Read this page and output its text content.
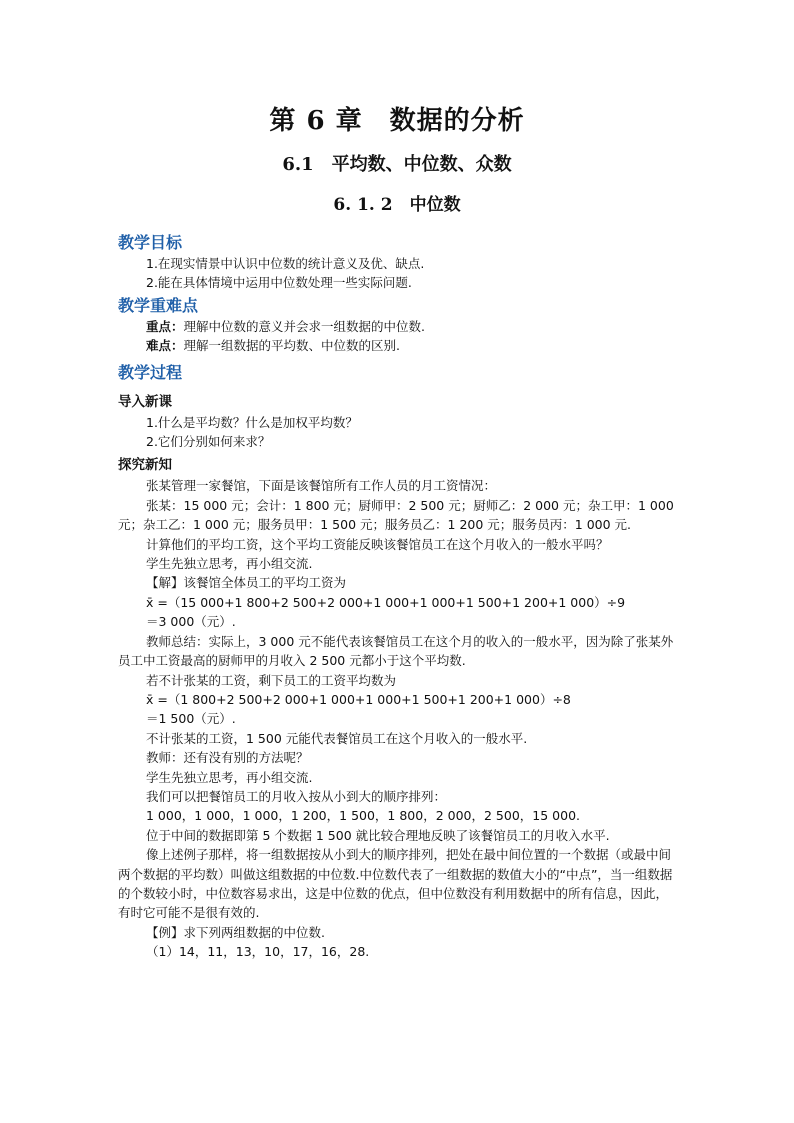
第 6 章　数据的分析
6.1　平均数、中位数、众数
6. 1. 2　中位数
教学目标

1.在现实情景中认识中位数的统计意义及优、缺点.

2.能在具体情境中运用中位数处理一些实际问题.

教学重难点

重点：理解中位数的意义并会求一组数据的中位数.

难点：理解一组数据的平均数、中位数的区别.

教学过程
导入新课

1.什么是平均数？什么是加权平均数？

2.它们分别如何来求？

探究新知

张某管理一家餐馆，下面是该餐馆所有工作人员的月工资情况：

张某：15 000 元；会计：1 800 元；厨师甲：2 500 元；厨师乙：2 000 元；杂工甲：1 000 元；杂工乙：1 000 元；服务员甲：1 500 元；服务员乙：1 200 元；服务员丙：1 000 元.

计算他们的平均工资，这个平均工资能反映该餐馆员工在这个月收入的一般水平吗？

学生先独立思考，再小组交流.

【解】该餐馆全体员工的平均工资为

x̄ =（15 000+1 800+2 500+2 000+1 000+1 000+1 500+1 200+1 000）÷9

＝3 000（元）.

教师总结：实际上，3 000 元不能代表该餐馆员工在这个月的收入的一般水平，因为除了张某外员工中工资最高的厨师甲的月收入 2 500 元都小于这个平均数.

若不计张某的工资，剩下员工的工资平均数为

x̄ =（1 800+2 500+2 000+1 000+1 000+1 500+1 200+1 000）÷8

＝1 500（元）.

不计张某的工资，1 500 元能代表餐馆员工在这个月收入的一般水平.

教师：还有没有别的方法呢？

学生先独立思考，再小组交流.

我们可以把餐馆员工的月收入按从小到大的顺序排列：

1 000，1 000，1 000，1 200，1 500，1 800，2 000，2 500，15 000.

位于中间的数据即第 5 个数据 1 500 就比较合理地反映了该餐馆员工的月收入水平.

像上述例子那样，将一组数据按从小到大的顺序排列，把处在最中间位置的一个数据（或最中间两个数据的平均数）叫做这组数据的中位数.中位数代表了一组数据的数值大小的“中点”，当一组数据的个数较小时，中位数容易求出，这是中位数的优点，但中位数没有利用数据中的所有信息，因此，有时它可能不是很有效的.

【例】求下列两组数据的中位数.

（1）14，11，13，10，17，16，28.
